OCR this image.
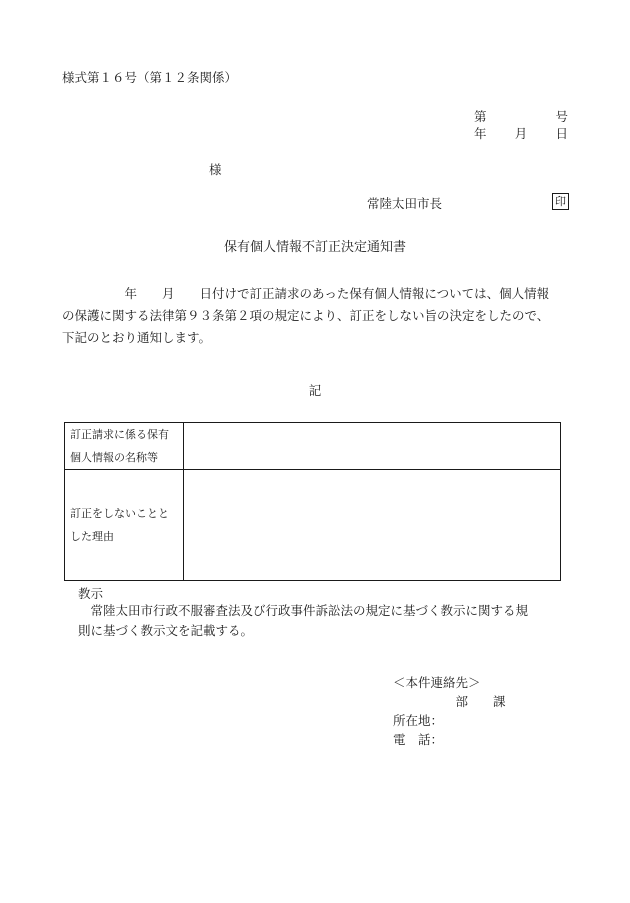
様式第１６号（第１２条関係）
第	号
年 月 日
様
常陸太田市長	印
保有個人情報不訂正決定通知書
　　　　　年　　月　　日付けで訂正請求のあった保有個人情報については、個人情報
の保護に関する法律第９３条第２項の規定により、訂正をしない旨の決定をしたので、
下記のとおり通知します。
記
訂正請求に係る保有
個人情報の名称等	

訂正をしないことと
した理由	

教示
　常陸太田市行政不服審査法及び行政事件訴訟法の規定に基づく教示に関する規
則に基づく教示文を記載する。
＜本件連絡先＞
　　　　　部　　課
所在地：
電　話：
